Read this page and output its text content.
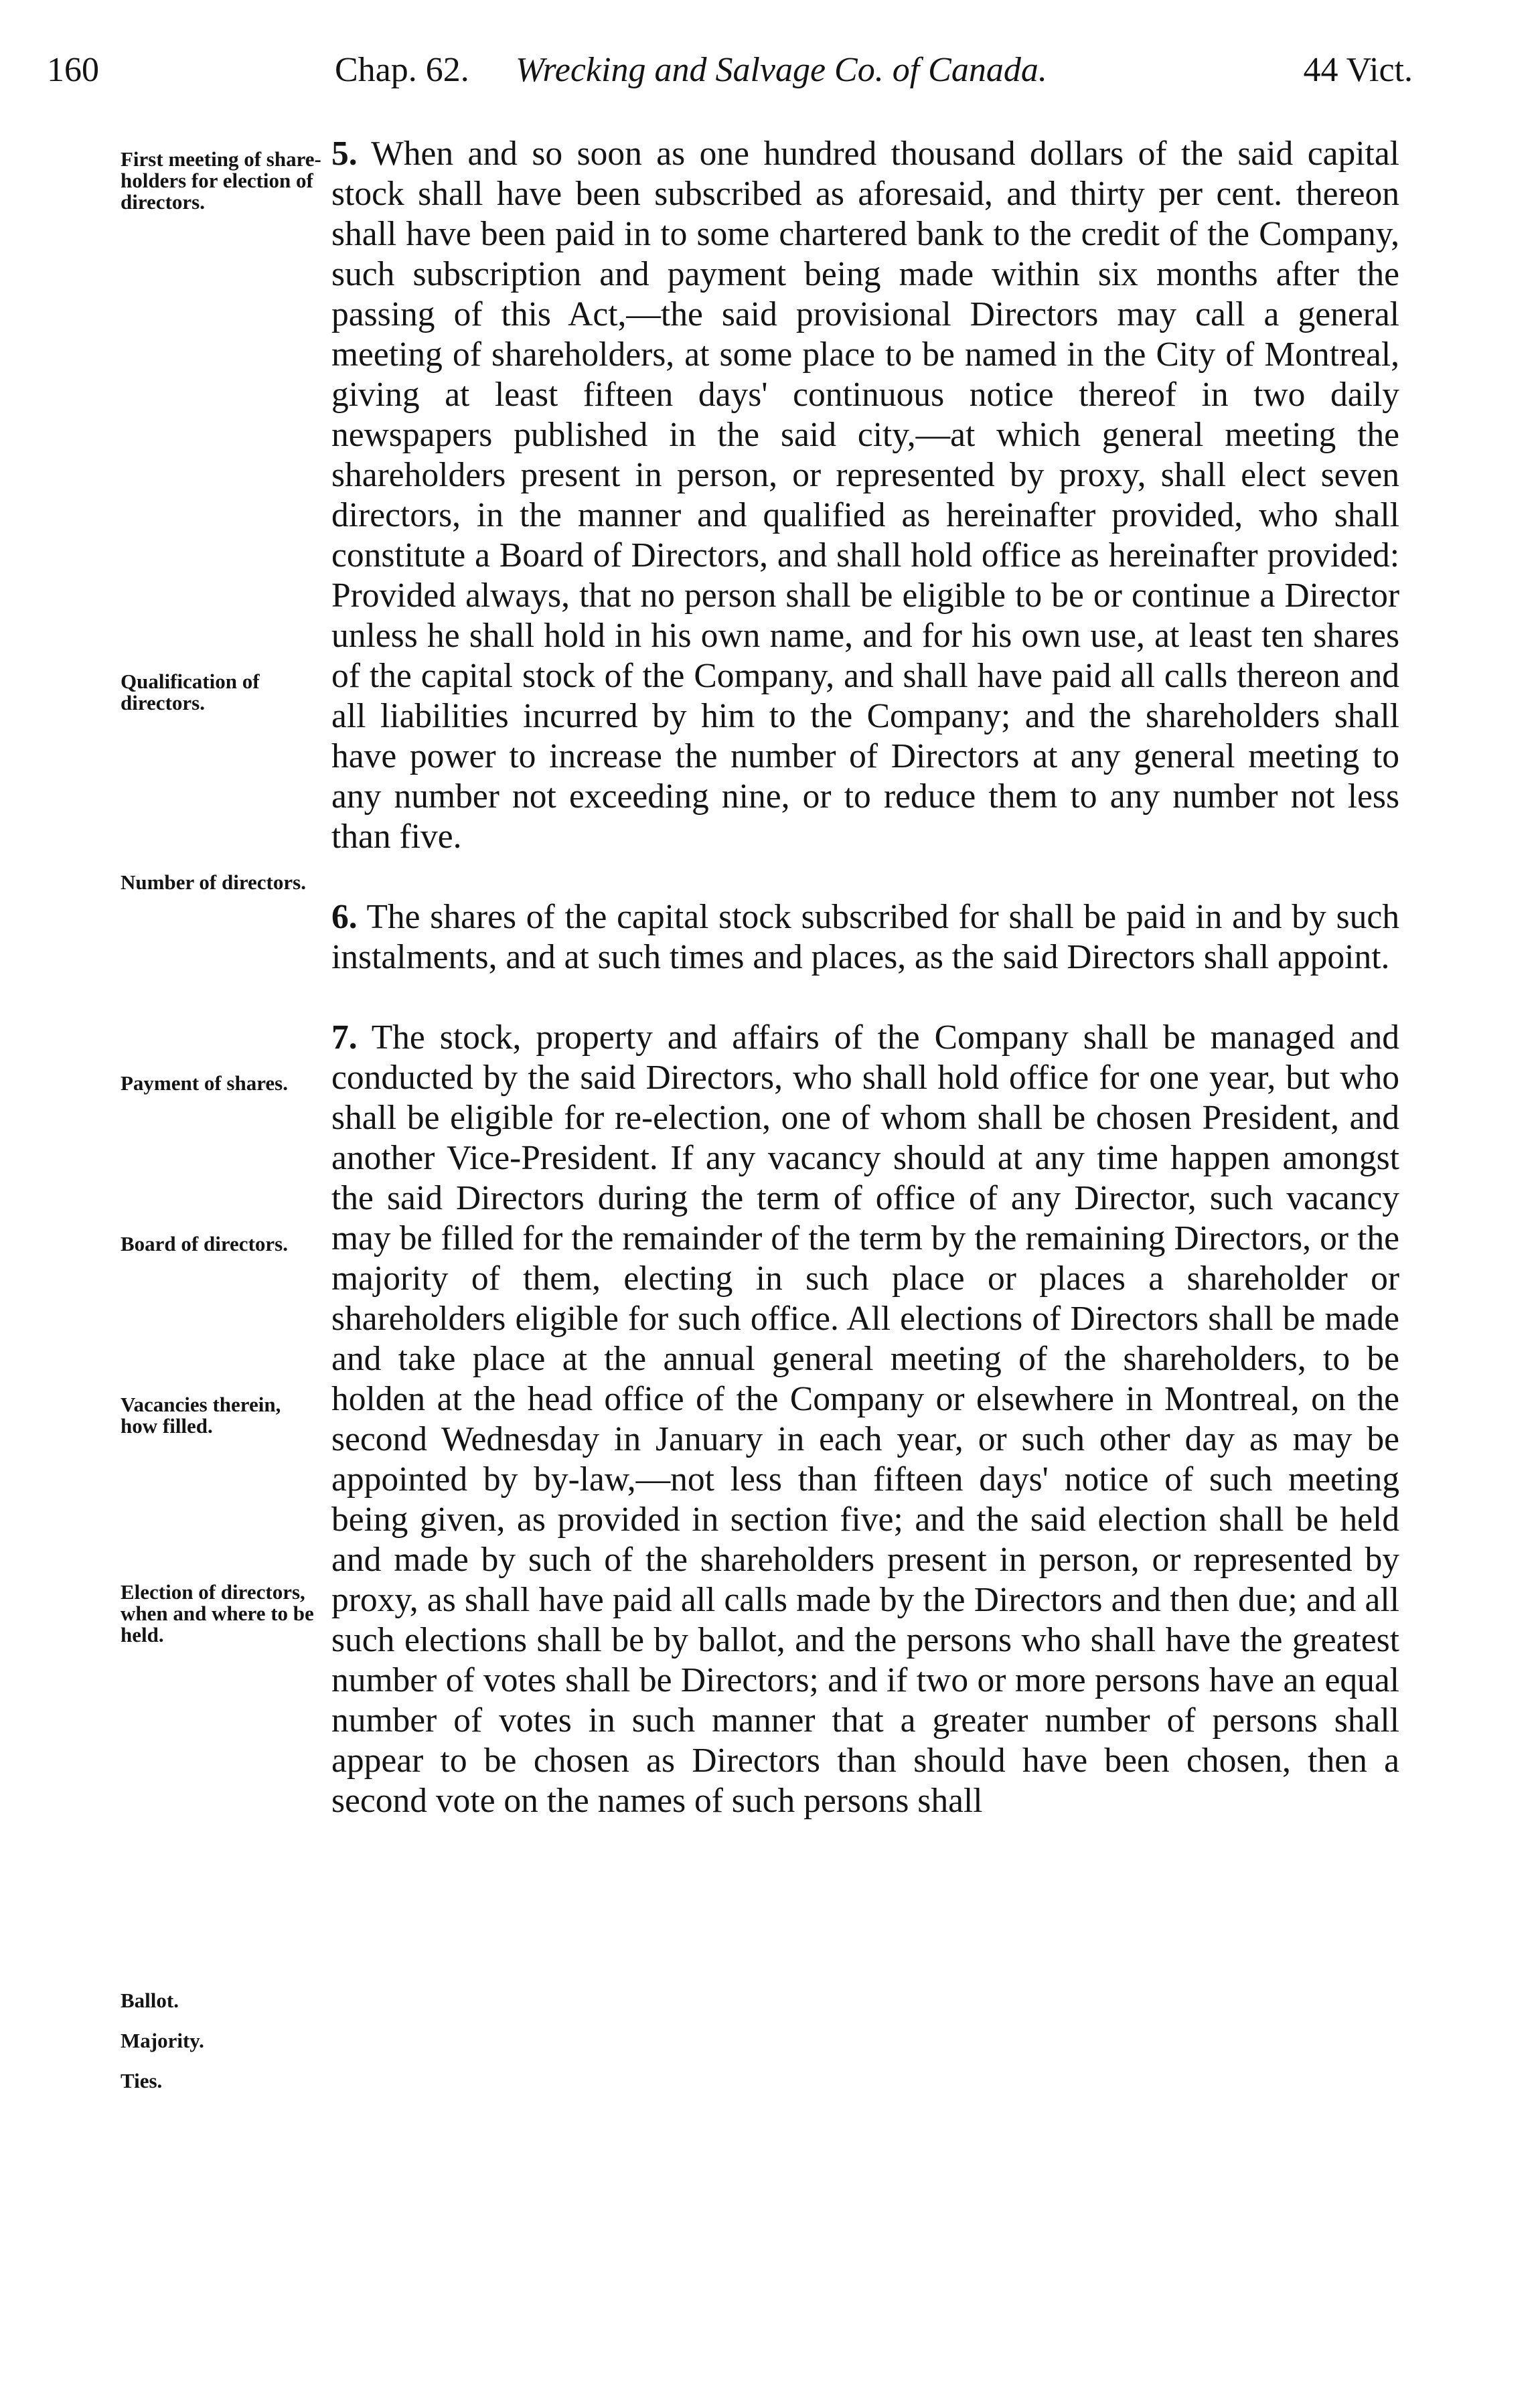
160	Chap. 62. Wrecking and Salvage Co. of Canada.	44 Vict.
First meeting of share-holders for election of directors.
Qualification of directors.
Number of directors.
Payment of shares.
Board of directors.
Vacancies therein, how filled.
Election of directors, when and where to be held.
Ballot.
Majority.
Ties.

5. When and so soon as one hundred thousand dollars of the said capital stock shall have been subscribed as aforesaid, and thirty per cent. thereon shall have been paid in to some chartered bank to the credit of the Company, such subscription and payment being made within six months after the passing of this Act,—the said provisional Directors may call a general meeting of shareholders, at some place to be named in the City of Montreal, giving at least fifteen days' continuous notice thereof in two daily newspapers published in the said city,—at which general meeting the shareholders present in person, or represented by proxy, shall elect seven directors, in the manner and qualified as hereinafter provided, who shall constitute a Board of Directors, and shall hold office as hereinafter provided: Provided always, that no person shall be eligible to be or continue a Director unless he shall hold in his own name, and for his own use, at least ten shares of the capital stock of the Company, and shall have paid all calls thereon and all liabilities incurred by him to the Company; and the shareholders shall have power to increase the number of Directors at any general meeting to any number not exceeding nine, or to reduce them to any number not less than five.

6. The shares of the capital stock subscribed for shall be paid in and by such instalments, and at such times and places, as the said Directors shall appoint.

7. The stock, property and affairs of the Company shall be managed and conducted by the said Directors, who shall hold office for one year, but who shall be eligible for re-election, one of whom shall be chosen President, and another Vice-President. If any vacancy should at any time happen amongst the said Directors during the term of office of any Director, such vacancy may be filled for the remainder of the term by the remaining Directors, or the majority of them, electing in such place or places a shareholder or shareholders eligible for such office. All elections of Directors shall be made and take place at the annual general meeting of the shareholders, to be holden at the head office of the Company or elsewhere in Montreal, on the second Wednesday in January in each year, or such other day as may be appointed by by-law,—not less than fifteen days' notice of such meeting being given, as provided in section five; and the said election shall be held and made by such of the shareholders present in person, or represented by proxy, as shall have paid all calls made by the Directors and then due; and all such elections shall be by ballot, and the persons who shall have the greatest number of votes shall be Directors; and if two or more persons have an equal number of votes in such manner that a greater number of persons shall appear to be chosen as Directors than should have been chosen, then a second vote on the names of such persons shall
